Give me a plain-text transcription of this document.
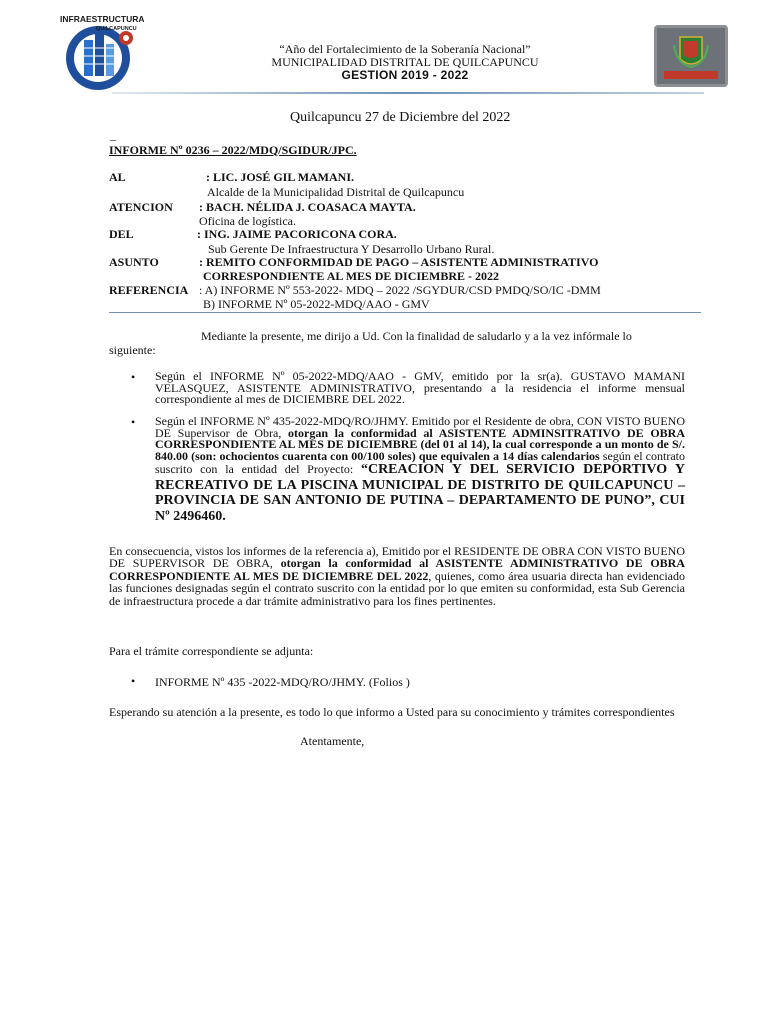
INFRAESTRUCTURA
QUILCAPUNCU
“Año del Fortalecimiento de la Soberanía Nacional”
MUNICIPALIDAD DISTRITAL DE QUILCAPUNCU
GESTION 2019 - 2022
Quilcapuncu 27 de Diciembre del 2022
_
INFORME Nº 0236 – 2022/MDQ/SGIDUR/JPC.
AL	: LIC. JOSÉ GIL MAMANI.
Alcalde de la Municipalidad Distrital de Quilcapuncu
ATENCION : BACH. NÉLIDA J. COASACA MAYTA.
Oficina de logística.
DEL	: ING. JAIME PACORICONA CORA.
Sub Gerente De Infraestructura Y Desarrollo Urbano Rural.
ASUNTO	: REMITO CONFORMIDAD DE PAGO – ASISTENTE ADMINISTRATIVO
CORRESPONDIENTE AL MES DE DICIEMBRE - 2022
REFERENCIA : A) INFORME Nº 553-2022- MDQ – 2022 /SGYDUR/CSD PMDQ/SO/IC -DMM
B) INFORME Nº 05-2022-MDQ/AAO - GMV
Mediante la presente, me dirijo a Ud. Con la finalidad de saludarlo y a la vez infórmale lo
siguiente:
• Según el INFORME Nº 05-2022-MDQ/AAO - GMV, emitido por la sr(a). GUSTAVO MAMANI VELASQUEZ, ASISTENTE ADMINISTRATIVO, presentando a la residencia el informe mensual correspondiente al mes de DICIEMBRE DEL 2022.
• Según el INFORME Nº 435-2022-MDQ/RO/JHMY. Emitido por el Residente de obra, CON VISTO BUENO DE Supervisor de Obra, otorgan la conformidad al ASISTENTE ADMINSITRATIVO DE OBRA CORRESPONDIENTE AL MES DE DICIEMBRE (del 01 al 14), la cual corresponde a un monto de S/. 840.00 (son: ochocientos cuarenta con 00/100 soles) que equivalen a 14 días calendarios según el contrato suscrito con la entidad del Proyecto: “CREACION Y DEL SERVICIO DEPORTIVO Y RECREATIVO DE LA PISCINA MUNICIPAL DE DISTRITO DE QUILCAPUNCU – PROVINCIA DE SAN ANTONIO DE PUTINA – DEPARTAMENTO DE PUNO”, CUI Nº 2496460.
En consecuencia, vistos los informes de la referencia a), Emitido por el RESIDENTE DE OBRA CON VISTO BUENO DE SUPERVISOR DE OBRA, otorgan la conformidad al ASISTENTE ADMINISTRATIVO DE OBRA CORRESPONDIENTE AL MES DE DICIEMBRE DEL 2022, quienes, como área usuaria directa han evidenciado las funciones designadas según el contrato suscrito con la entidad por lo que emiten su conformidad, esta Sub Gerencia de infraestructura procede a dar trámite administrativo para los fines pertinentes.
Para el trámite correspondiente se adjunta:
• INFORME Nº 435 -2022-MDQ/RO/JHMY. (Folios )
Esperando su atención a la presente, es todo lo que informo a Usted para su conocimiento y trámites correspondientes
Atentamente,
